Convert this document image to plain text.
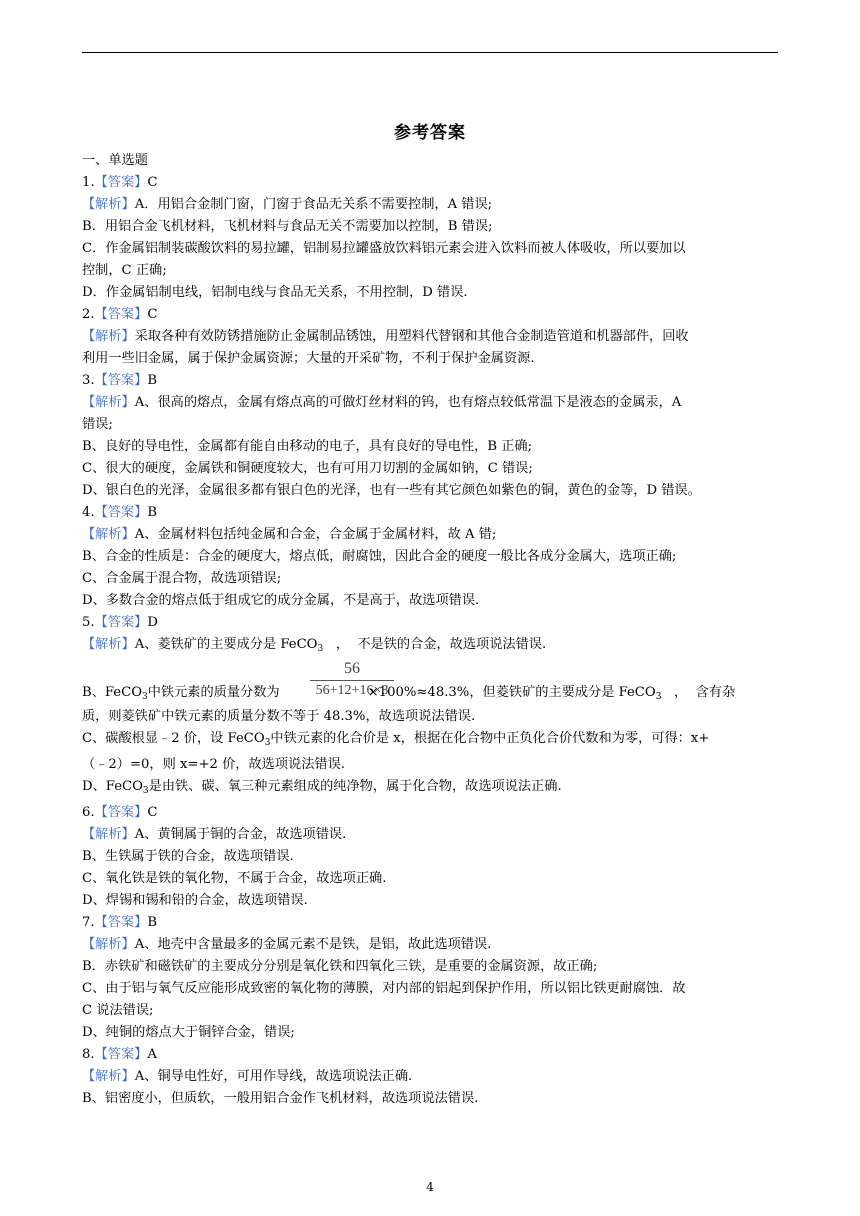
参考答案
一、单选题
1.【答案】C
【解析】A．用铝合金制门窗，门窗于食品无关系不需要控制，A 错误;
B．用铝合金飞机材料，飞机材料与食品无关不需要加以控制，B 错误;
C．作金属铝制装碳酸饮料的易拉罐，铝制易拉罐盛放饮料铝元素会进入饮料而被人体吸收，所以要加以
控制，C 正确;
D．作金属铝制电线，铝制电线与食品无关系，不用控制，D 错误.
2.【答案】C
【解析】采取各种有效防锈措施防止金属制品锈蚀，用塑料代替钢和其他合金制造管道和机器部件，回收
利用一些旧金属，属于保护金属资源；大量的开采矿物，不利于保护金属资源.
3.【答案】B
【解析】A、很高的熔点，金属有熔点高的可做灯丝材料的钨，也有熔点较低常温下是液态的金属汞，A
错误;
B、良好的导电性，金属都有能自由移动的电子，具有良好的导电性，B 正确;
C、很大的硬度，金属铁和铜硬度较大，也有可用刀切割的金属如钠，C 错误;
D、银白色的光泽，金属很多都有银白色的光泽，也有一些有其它颜色如紫色的铜，黄色的金等，D 错误。
4.【答案】B
【解析】A、金属材料包括纯金属和合金，合金属于金属材料，故 A 错;
B、合金的性质是：合金的硬度大，熔点低，耐腐蚀，因此合金的硬度一般比各成分金属大，选项正确;
C、合金属于混合物，故选项错误;
D、多数合金的熔点低于组成它的成分金属，不是高于，故选项错误.
5.【答案】D
【解析】A、菱铁矿的主要成分是 FeCO$_3$   ，  不是铁的合金，故选项说法错误.
56
56+12+16×3
B、FeCO$_3$中铁元素的质量分数为	×100%≈48.3%，但菱铁矿的主要成分是 FeCO$_3$   ，  含有杂
质，则菱铁矿中铁元素的质量分数不等于 48.3%，故选项说法错误.
C、碳酸根显﹣2 价，设 FeCO$_3$中铁元素的化合价是 x，根据在化合物中正负化合价代数和为零，可得：x+
（﹣2）=0，则 x=+2 价，故选项说法错误.
D、FeCO$_3$是由铁、碳、氧三种元素组成的纯净物，属于化合物，故选项说法正确.
6.【答案】C
【解析】A、黄铜属于铜的合金，故选项错误.
B、生铁属于铁的合金，故选项错误.
C、氧化铁是铁的氧化物，不属于合金，故选项正确.
D、焊锡和锡和铅的合金，故选项错误.
7.【答案】B
【解析】A、地壳中含量最多的金属元素不是铁，是铝，故此选项错误.
B．赤铁矿和磁铁矿的主要成分分别是氧化铁和四氧化三铁，是重要的金属资源，故正确;
C、由于铝与氧气反应能形成致密的氧化物的薄膜，对内部的铝起到保护作用，所以铝比铁更耐腐蚀．故
C 说法错误;
D、纯铜的熔点大于铜锌合金，错误;
8.【答案】A
【解析】A、铜导电性好，可用作导线，故选项说法正确.
B、铝密度小，但质软，一般用铝合金作飞机材料，故选项说法错误.
4
